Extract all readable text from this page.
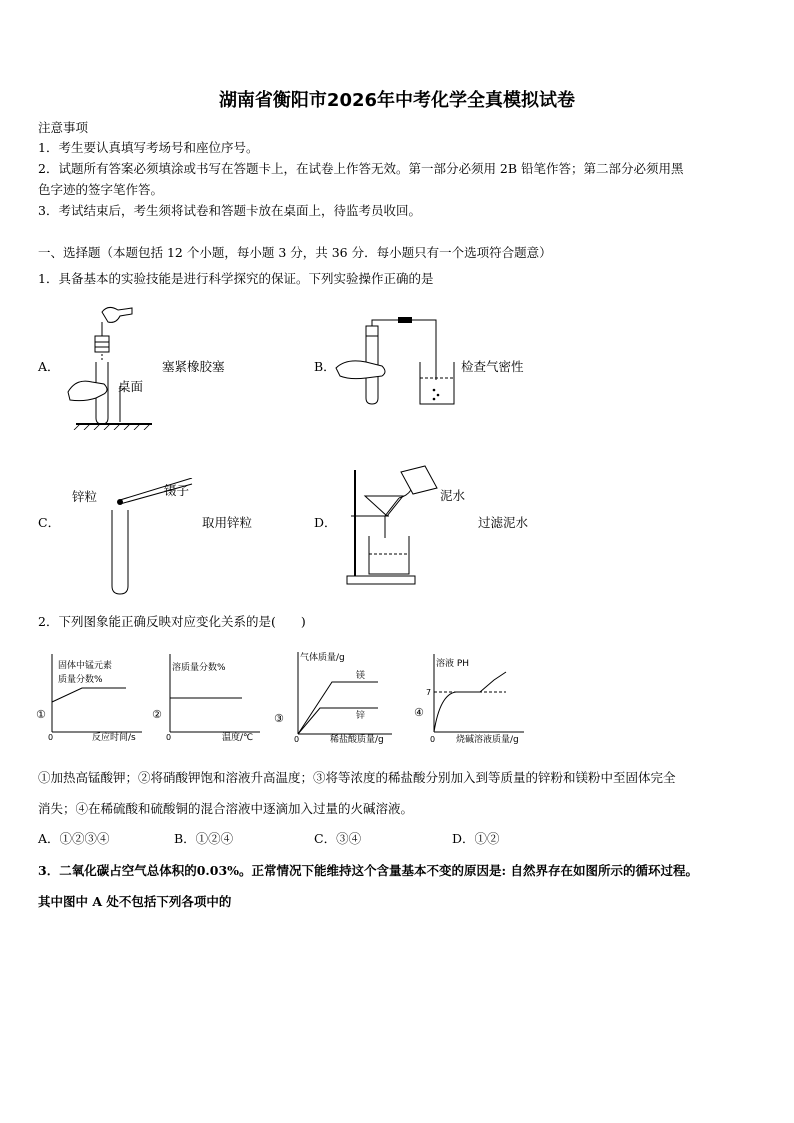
湖南省衡阳市2026年中考化学全真模拟试卷
注意事项
1．考生要认真填写考场号和座位序号。
2．试题所有答案必须填涂或书写在答题卡上，在试卷上作答无效。第一部分必须用 2B 铅笔作答；第二部分必须用黑
色字迹的签字笔作答。
3．考试结束后，考生须将试卷和答题卡放在桌面上，待监考员收回。
一、选择题（本题包括 12 个小题，每小题 3 分，共 36 分．每小题只有一个选项符合题意）
1．具备基本的实验技能是进行科学探究的保证。下列实验操作正确的是
A．	塞紧橡胶塞	B．	检查气密性
C．	取用锌粒	D．	过滤泥水
桌面
锌粒	镊子	泥水
2．下列图象能正确反映对应变化关系的是(　　)
固体中锰元素
质量分数%
0	反应时间/s
①
溶质量分数%
0	温度/℃
②
气体质量/g
镁
锌
0	稀盐酸质量/g
③
溶液 PH
7
0 烧碱溶液质量/g
④
①加热高锰酸钾；②将硝酸钾饱和溶液升高温度；③将等浓度的稀盐酸分别加入到等质量的锌粉和镁粉中至固体完全
消失；④在稀硫酸和硫酸铜的混合溶液中逐滴加入过量的火碱溶液。
A．①②③④	B．①②④	C．③④	D．①②
3．二氧化碳占空气总体积的0.03%。正常情况下能维持这个含量基本不变的原因是: 自然界存在如图所示的循环过程。
其中图中 A 处不包括下列各项中的
